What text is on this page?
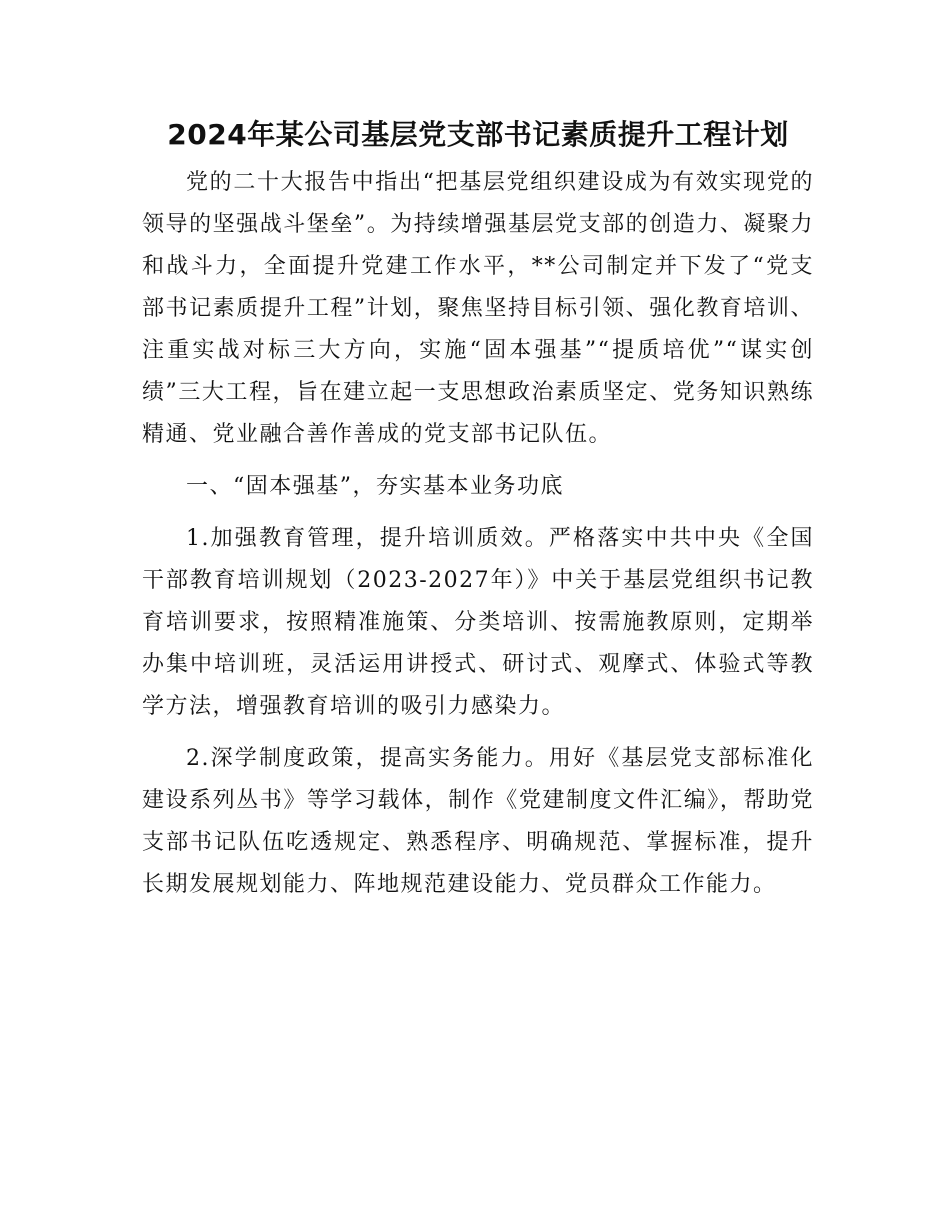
2024年某公司基层党支部书记素质提升工程计划

党的二十大报告中指出“把基层党组织建设成为有效实现党的领导的坚强战斗堡垒”。为持续增强基层党支部的创造力、凝聚力和战斗力，全面提升党建工作水平，**公司制定并下发了“党支部书记素质提升工程”计划，聚焦坚持目标引领、强化教育培训、注重实战对标三大方向，实施“固本强基”“提质培优”“谋实创绩”三大工程，旨在建立起一支思想政治素质坚定、党务知识熟练精通、党业融合善作善成的党支部书记队伍。

一、“固本强基”，夯实基本业务功底

1.加强教育管理，提升培训质效。严格落实中共中央《全国干部教育培训规划（2023-2027年）》中关于基层党组织书记教育培训要求，按照精准施策、分类培训、按需施教原则，定期举办集中培训班，灵活运用讲授式、研讨式、观摩式、体验式等教学方法，增强教育培训的吸引力感染力。

2.深学制度政策，提高实务能力。用好《基层党支部标准化建设系列丛书》等学习载体，制作《党建制度文件汇编》，帮助党支部书记队伍吃透规定、熟悉程序、明确规范、掌握标准，提升长期发展规划能力、阵地规范建设能力、党员群众工作能力。
